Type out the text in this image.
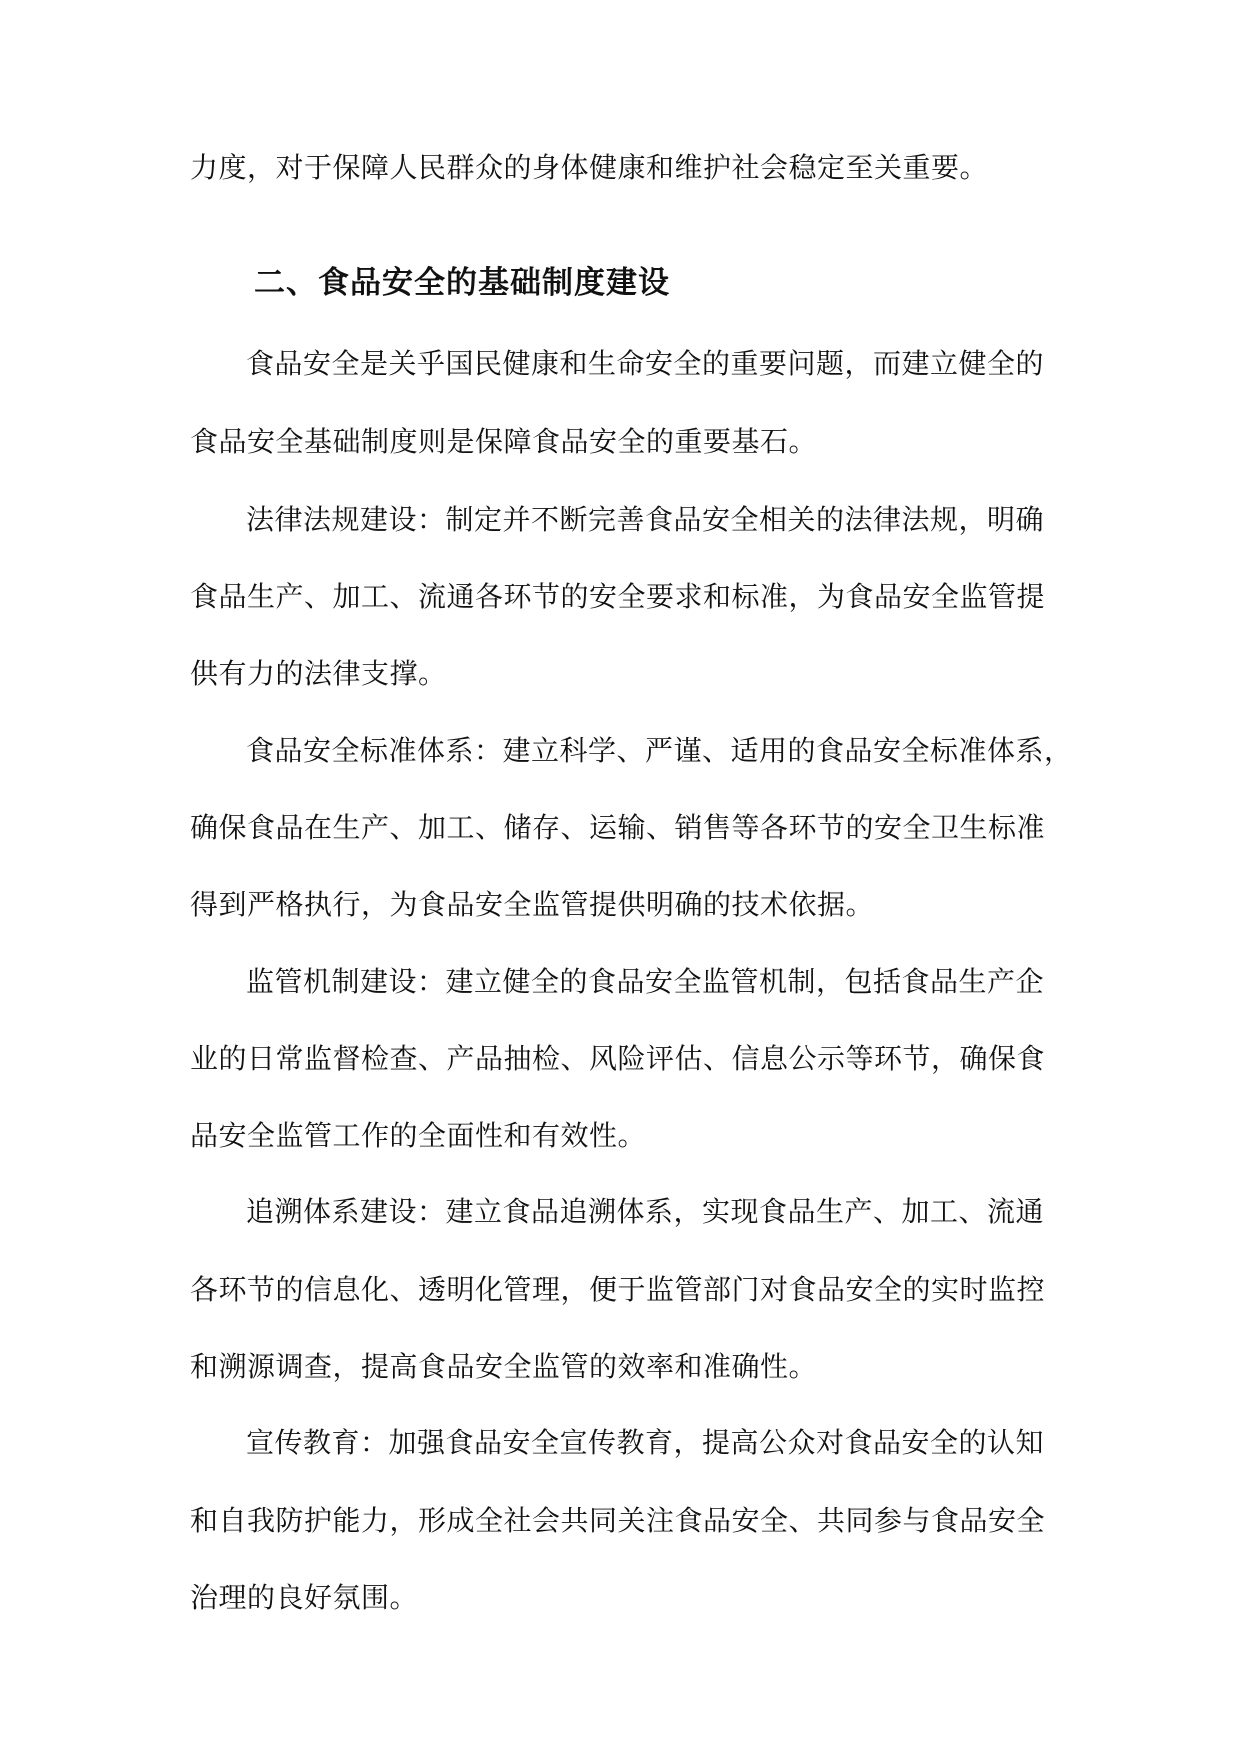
力度，对于保障人民群众的身体健康和维护社会稳定至关重要。
二、食品安全的基础制度建设
食品安全是关乎国民健康和生命安全的重要问题，而建立健全的
食品安全基础制度则是保障食品安全的重要基石。
法律法规建设：制定并不断完善食品安全相关的法律法规，明确
食品生产、加工、流通各环节的安全要求和标准，为食品安全监管提
供有力的法律支撑。
食品安全标准体系：建立科学、严谨、适用的食品安全标准体系，
确保食品在生产、加工、储存、运输、销售等各环节的安全卫生标准
得到严格执行，为食品安全监管提供明确的技术依据。
监管机制建设：建立健全的食品安全监管机制，包括食品生产企
业的日常监督检查、产品抽检、风险评估、信息公示等环节，确保食
品安全监管工作的全面性和有效性。
追溯体系建设：建立食品追溯体系，实现食品生产、加工、流通
各环节的信息化、透明化管理，便于监管部门对食品安全的实时监控
和溯源调查，提高食品安全监管的效率和准确性。
宣传教育：加强食品安全宣传教育，提高公众对食品安全的认知
和自我防护能力，形成全社会共同关注食品安全、共同参与食品安全
治理的良好氛围。
